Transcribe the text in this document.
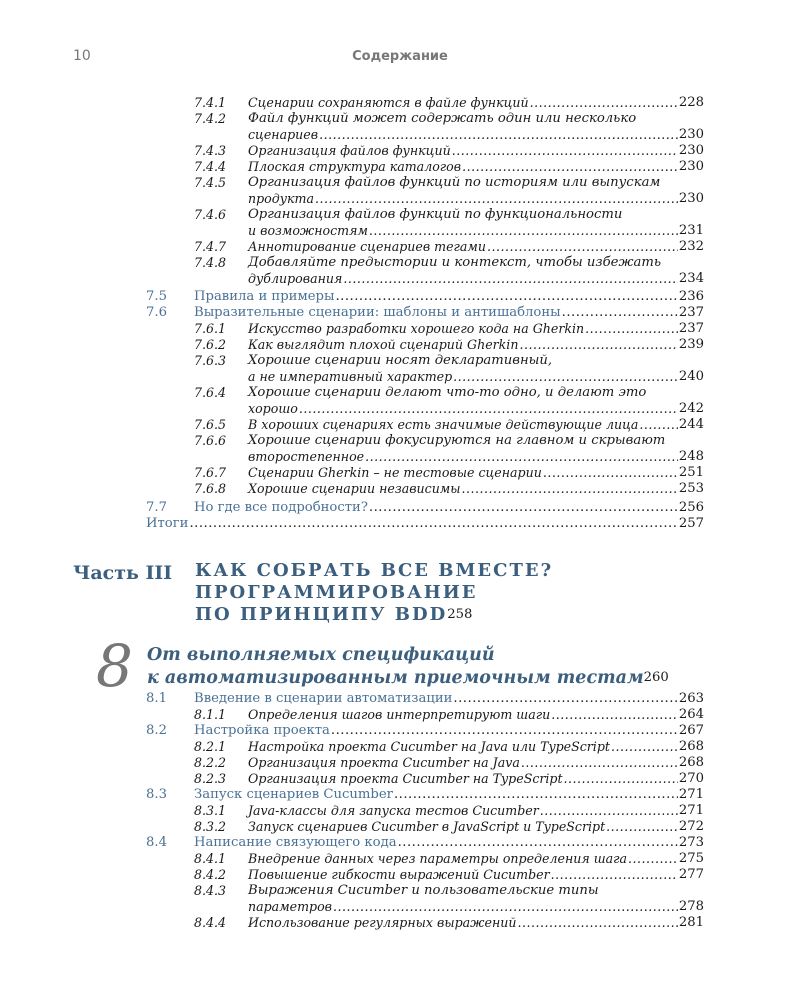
10	Содержание
7.5 Правила и примеры .....	236
7.6 Выразительные сценарии: шаблоны и антишаблоны .....	237
7.7 Но где все подробности? .....	256
Итоги .....	257
Часть III КАК СОБРАТЬ ВСЕ ВМЕСТЕ?
ПРОГРАММИРОВАНИЕ
ПО ПРИНЦИПУ BDD 258
8 От выполняемых спецификаций
к автоматизированным приемочным тестам 260
7.4.1 Сценарии сохраняются в файле функций .....	228
7.4.2 Файл функций может содержать один или несколько
сценариев .....	230
7.4.3 Организация файлов функций .....	230
7.4.4 Плоская структура каталогов .....	230
7.4.5 Организация файлов функций по историям или выпускам
продукта .....	230
7.4.6 Организация файлов функций по функциональности
и возможностям .....	231
7.4.7 Аннотирование сценариев тегами .....	232
7.4.8 Добавляйте предыстории и контекст, чтобы избежать
дублирования .....	234
7.6.1 Искусство разработки хорошего кода на Gherkin .....	237
7.6.2 Как выглядит плохой сценарий Gherkin .....	239
7.6.3 Хорошие сценарии носят декларативный,
а не императивный характер .....	240
7.6.4 Хорошие сценарии делают что-то одно, и делают это
хорошо .....	242
7.6.5 В хороших сценариях есть значимые действующие лица .....	244
7.6.6 Хорошие сценарии фокусируются на главном и скрывают
второстепенное .....	248
7.6.7 Сценарии Gherkin – не тестовые сценарии .....	251
7.6.8 Хорошие сценарии независимы .....	253
8.1 Введение в сценарии автоматизации .....	263
8.1.1 Определения шагов интерпретируют шаги .....	264
8.2 Настройка проекта .....	267
8.2.1 Настройка проекта Cucumber на Java или TypeScript .....	268
8.2.2 Организация проекта Cucumber на Java .....	268
8.2.3 Организация проекта Cucumber на TypeScript .....	270
8.3 Запуск сценариев Cucumber .....	271
8.3.1 Java-классы для запуска тестов Cucumber .....	271
8.3.2 Запуск сценариев Cucumber в JavaScript и TypeScript .....	272
8.4 Написание связующего кода .....	273
8.4.1 Внедрение данных через параметры определения шага .....	275
8.4.2 Повышение гибкости выражений Cucumber .....	277
8.4.3 Выражения Cucumber и пользовательские типы
параметров .....	278
8.4.4 Использование регулярных выражений .....	281
